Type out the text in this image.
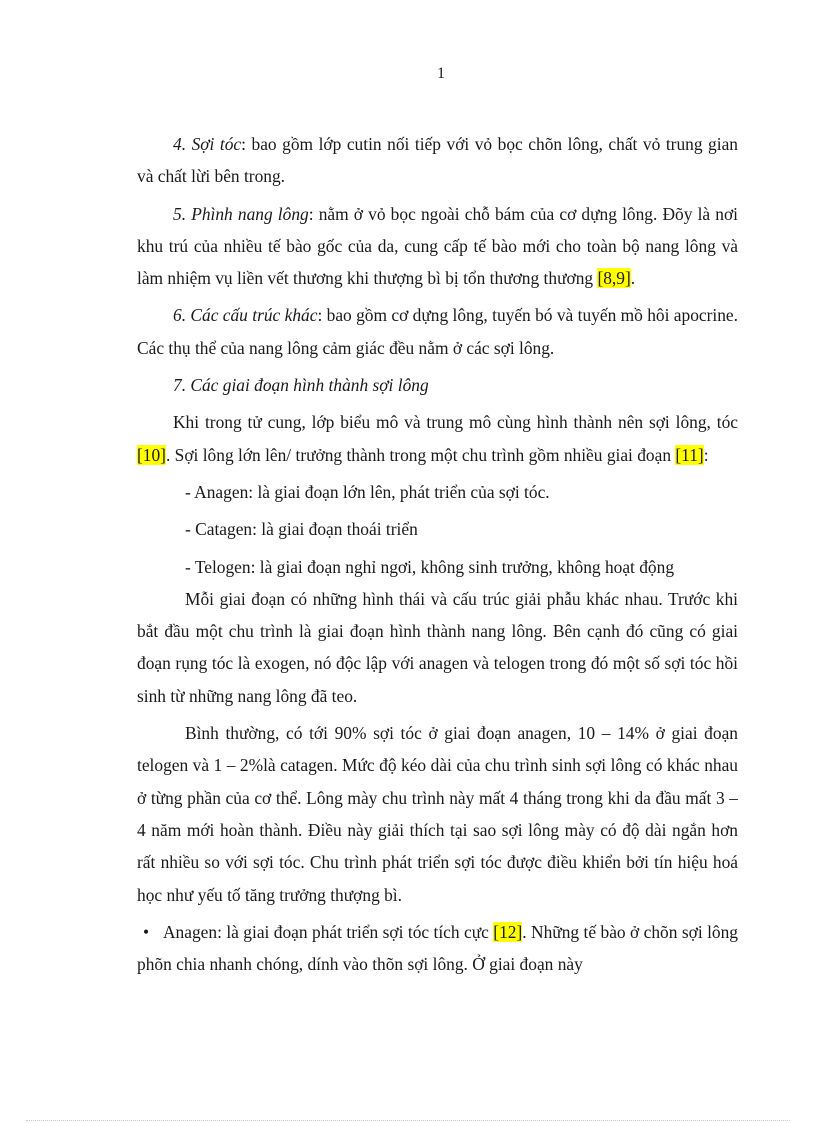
1

4. Sợi tóc: bao gồm lớp cutin nối tiếp với vỏ bọc chõn lông, chất vỏ trung gian và chất lừi bên trong.

5. Phình nang lông: nằm ở vỏ bọc ngoài chỗ bám của cơ dựng lông. Đõy là nơi khu trú của nhiều tế bào gốc của da, cung cấp tế bào mới cho toàn bộ nang lông và làm nhiệm vụ liền vết thương khi thượng bì bị tổn thương thương [8,9].

6. Các cấu trúc khác: bao gồm cơ dựng lông, tuyến bó và tuyến mồ hôi apocrine. Các thụ thể của nang lông cảm giác đều nằm ở các sợi lông.

7. Các giai đoạn hình thành sợi lông

Khi trong tử cung, lớp biểu mô và trung mô cùng hình thành nên sợi lông, tóc [10]. Sợi lông lớn lên/ trưởng thành trong một chu trình gồm nhiều giai đoạn [11]:

- Anagen: là giai đoạn lớn lên, phát triển của sợi tóc.

- Catagen: là giai đoạn thoái triển

- Telogen: là giai đoạn nghỉ ngơi, không sinh trưởng, không hoạt động

Mỗi giai đoạn có những hình thái và cấu trúc giải phẫu khác nhau. Trước khi bắt đầu một chu trình là giai đoạn hình thành nang lông. Bên cạnh đó cũng có giai đoạn rụng tóc là exogen, nó độc lập với anagen và telogen trong đó một số sợi tóc hồi sinh từ những nang lông đã teo.

Bình thường, có tới 90% sợi tóc ở giai đoạn anagen, 10 – 14% ở giai đoạn telogen và 1 – 2%là catagen. Mức độ kéo dài của chu trình sinh sợi lông có khác nhau ở từng phần của cơ thể. Lông mày chu trình này mất 4 tháng trong khi da đầu mất 3 – 4 năm mới hoàn thành. Điều này giải thích tại sao sợi lông mày có độ dài ngắn hơn rất nhiều so với sợi tóc. Chu trình phát triển sợi tóc được điều khiển bởi tín hiệu hoá học như yếu tố tăng trưởng thượng bì.

• Anagen: là giai đoạn phát triển sợi tóc tích cực [12]. Những tế bào ở chõn sợi lông phõn chia nhanh chóng, dính vào thõn sợi lông. Ở giai đoạn này
